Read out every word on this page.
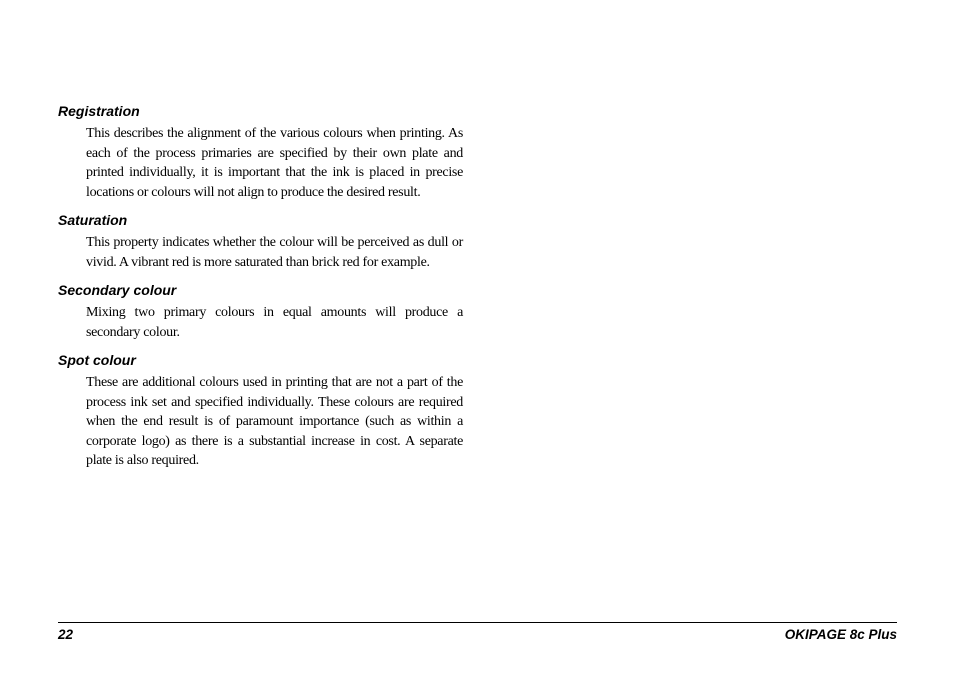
Registration

This describes the alignment of the various colours when printing. As each of the process primaries are specified by their own plate and printed individually, it is important that the ink is placed in precise locations or colours will not align to produce the desired result.

Saturation

This property indicates whether the colour will be perceived as dull or vivid. A vibrant red is more saturated than brick red for example.

Secondary colour

Mixing two primary colours in equal amounts will produce a secondary colour.

Spot colour

These are additional colours used in printing that are not a part of the process ink set and specified individually. These colours are required when the end result is of paramount importance (such as within a corporate logo) as there is a substantial increase in cost. A separate plate is also required.

22	OKIPAGE 8c Plus
